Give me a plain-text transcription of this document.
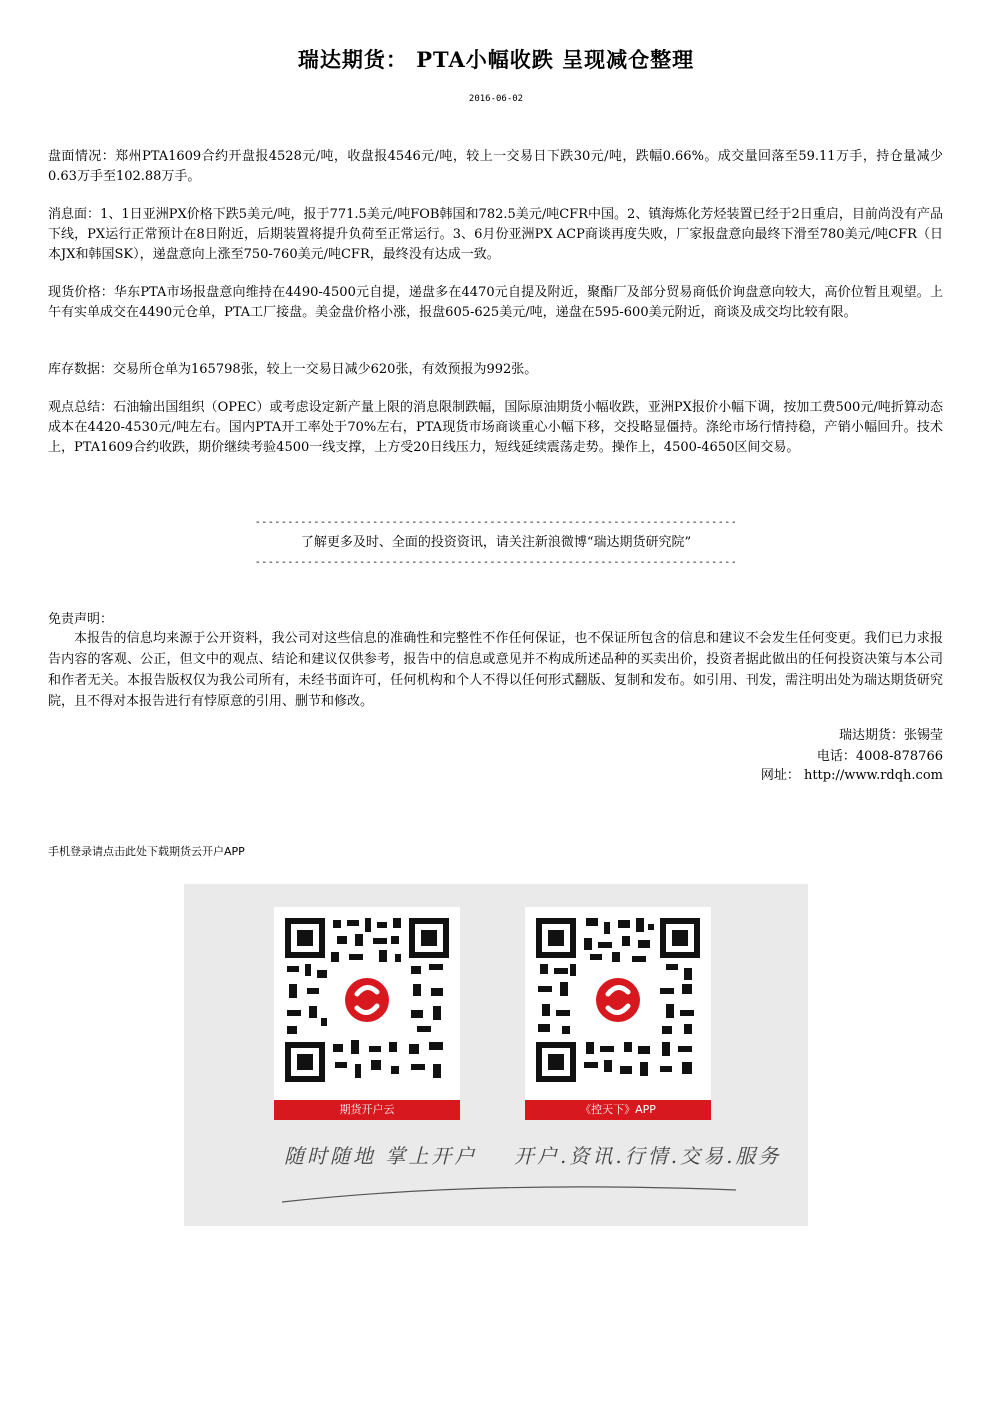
瑞达期货： PTA小幅收跌 呈现减仓整理
2016-06-02

盘面情况：郑州PTA1609合约开盘报4528元/吨，收盘报4546元/吨，较上一交易日下跌30元/吨，跌幅0.66%。成交量回落至59.11万手，持仓量减少0.63万手至102.88万手。

消息面：1、1日亚洲PX价格下跌5美元/吨，报于771.5美元/吨FOB韩国和782.5美元/吨CFR中国。2、镇海炼化芳烃装置已经于2日重启，目前尚没有产品下线，PX运行正常预计在8日附近，后期装置将提升负荷至正常运行。3、6月份亚洲PX ACP商谈再度失败，厂家报盘意向最终下滑至780美元/吨CFR（日本JX和韩国SK），递盘意向上涨至750-760美元/吨CFR，最终没有达成一致。

现货价格：华东PTA市场报盘意向维持在4490-4500元自提，递盘多在4470元自提及附近，聚酯厂及部分贸易商低价询盘意向较大，高价位暂且观望。上午有实单成交在4490元仓单，PTA工厂接盘。美金盘价格小涨，报盘605-625美元/吨，递盘在595-600美元附近，商谈及成交均比较有限。

库存数据：交易所仓单为165798张，较上一交易日减少620张，有效预报为992张。

观点总结：石油输出国组织（OPEC）或考虑设定新产量上限的消息限制跌幅，国际原油期货小幅收跌，亚洲PX报价小幅下调，按加工费500元/吨折算动态成本在4420-4530元/吨左右。国内PTA开工率处于70%左右，PTA现货市场商谈重心小幅下移，交投略显僵持。涤纶市场行情持稳，产销小幅回升。技术上，PTA1609合约收跌，期价继续考验4500一线支撑，上方受20日线压力，短线延续震荡走势。操作上，4500-4650区间交易。

--------------------------------------------------------------------------
了解更多及时、全面的投资资讯，请关注新浪微博“瑞达期货研究院”
--------------------------------------------------------------------------
免责声明：

本报告的信息均来源于公开资料，我公司对这些信息的准确性和完整性不作任何保证，也不保证所包含的信息和建议不会发生任何变更。我们已力求报告内容的客观、公正，但文中的观点、结论和建议仅供参考，报告中的信息或意见并不构成所述品种的买卖出价，投资者据此做出的任何投资决策与本公司和作者无关。本报告版权仅为我公司所有，未经书面许可，任何机构和个人不得以任何形式翻版、复制和发布。如引用、刊发，需注明出处为瑞达期货研究院，且不得对本报告进行有悖原意的引用、删节和修改。

瑞达期货：张锡莹
电话：4008-878766
网址： http://www.rdqh.com
手机登录请点击此处下载期货云开户APP
期货开户云	《控天下》APP
随时随地 掌上开户 开户.资讯.行情.交易.服务
